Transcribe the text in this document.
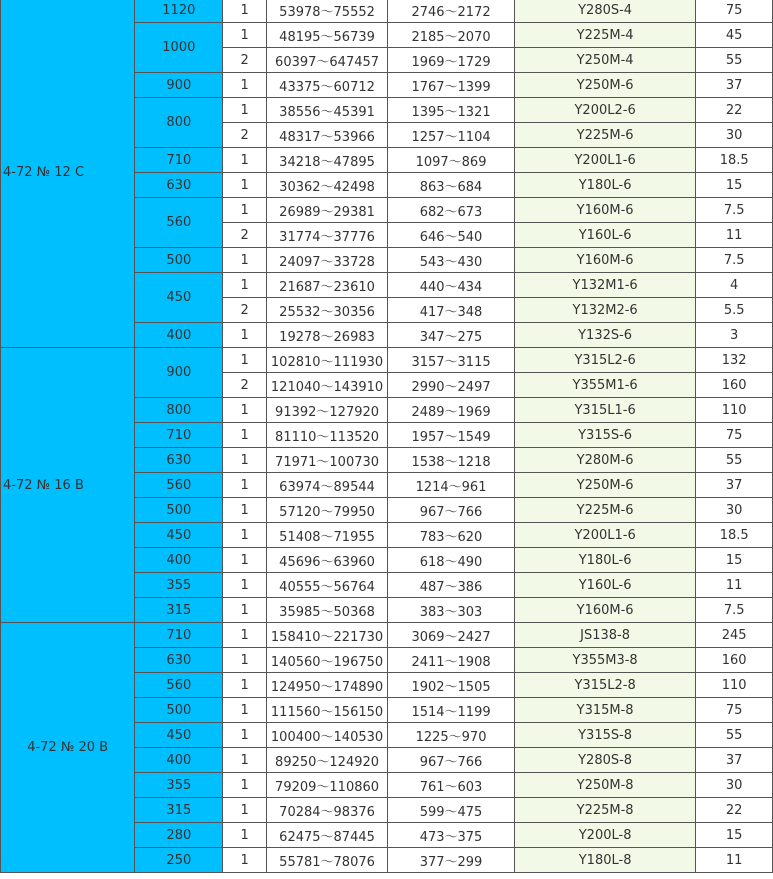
4-72 № 12 C	1120	1	53978～75552	2746～2172	Y280S-4	75
	1000	1	48195～56739	2185～2070	Y225M-4	45
		2	60397～647457	1969～1729	Y250M-4	55
	900	1	43375～60712	1767～1399	Y250M-6	37
	800	1	38556～45391	1395～1321	Y200L2-6	22
		2	48317～53966	1257～1104	Y225M-6	30
	710	1	34218～47895	1097～869	Y200L1-6	18.5
	630	1	30362～42498	863～684	Y180L-6	15
	560	1	26989～29381	682～673	Y160M-6	7.5
		2	31774～37776	646～540	Y160L-6	11
	500	1	24097～33728	543～430	Y160M-6	7.5
	450	1	21687～23610	440～434	Y132M1-6	4
		2	25532～30356	417～348	Y132M2-6	5.5
	400	1	19278～26983	347～275	Y132S-6	3
4-72 № 16 B	900	1	102810～111930	3157～3115	Y315L2-6	132
		2	121040～143910	2990～2497	Y355M1-6	160
	800	1	91392～127920	2489～1969	Y315L1-6	110
	710	1	81110～113520	1957～1549	Y315S-6	75
	630	1	71971～100730	1538～1218	Y280M-6	55
	560	1	63974～89544	1214～961	Y250M-6	37
	500	1	57120～79950	967～766	Y225M-6	30
	450	1	51408～71955	783～620	Y200L1-6	18.5
	400	1	45696～63960	618～490	Y180L-6	15
	355	1	40555～56764	487～386	Y160L-6	11
	315	1	35985～50368	383～303	Y160M-6	7.5
4-72 № 20 B	710	1	158410～221730	3069～2427	JS138-8	245
	630	1	140560～196750	2411～1908	Y355M3-8	160
	560	1	124950～174890	1902～1505	Y315L2-8	110
	500	1	111560～156150	1514～1199	Y315M-8	75
	450	1	100400～140530	1225～970	Y315S-8	55
	400	1	89250～124920	967～766	Y280S-8	37
	355	1	79209～110860	761～603	Y250M-8	30
	315	1	70284～98376	599～475	Y225M-8	22
	280	1	62475～87445	473～375	Y200L-8	15
	250	1	55781～78076	377～299	Y180L-8	11
